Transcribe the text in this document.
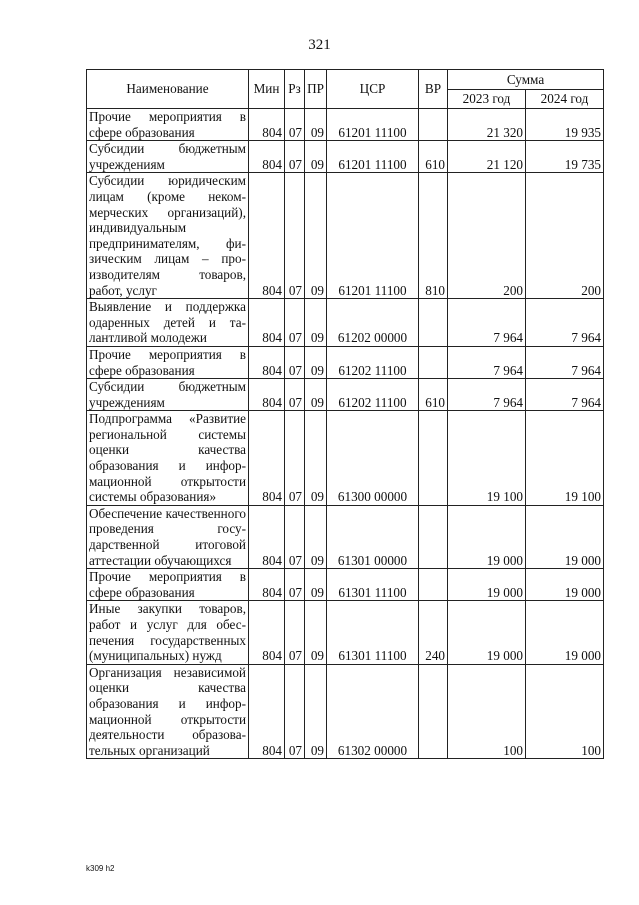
321
Наименование	Мин	Рз	ПР	ЦСР	ВР	Сумма	
						2023 год	2024 год
Прочие мероприятия в сфере образования	804	07	09	61201 11100		21 320	19 935
Субсидии бюджетным учреждениям	804	07	09	61201 11100	610	21 120	19 735
Субсидии юридическим лицам (кроме некоммерческих организаций), индивидуальным предпринимателям, физическим лицам – производителям товаров, работ, услуг	804	07	09	61201 11100	810	200	200
Выявление и поддержка одаренных детей и талантливой молодежи	804	07	09	61202 00000		7 964	7 964
Прочие мероприятия в сфере образования	804	07	09	61202 11100		7 964	7 964
Субсидии бюджетным учреждениям	804	07	09	61202 11100	610	7 964	7 964
Подпрограмма «Развитие региональной системы оценки качества образования и информационной открытости системы образования»	804	07	09	61300 00000		19 100	19 100
Обеспечение качественного проведения государственной итоговой аттестации обучающихся	804	07	09	61301 00000		19 000	19 000
Прочие мероприятия в сфере образования	804	07	09	61301 11100		19 000	19 000
Иные закупки товаров, работ и услуг для обеспечения государственных (муниципальных) нужд	804	07	09	61301 11100	240	19 000	19 000
Организация независимой оценки качества образования и информационной открытости деятельности образовательных организаций	804	07	09	61302 00000		100	100
k309 h2
